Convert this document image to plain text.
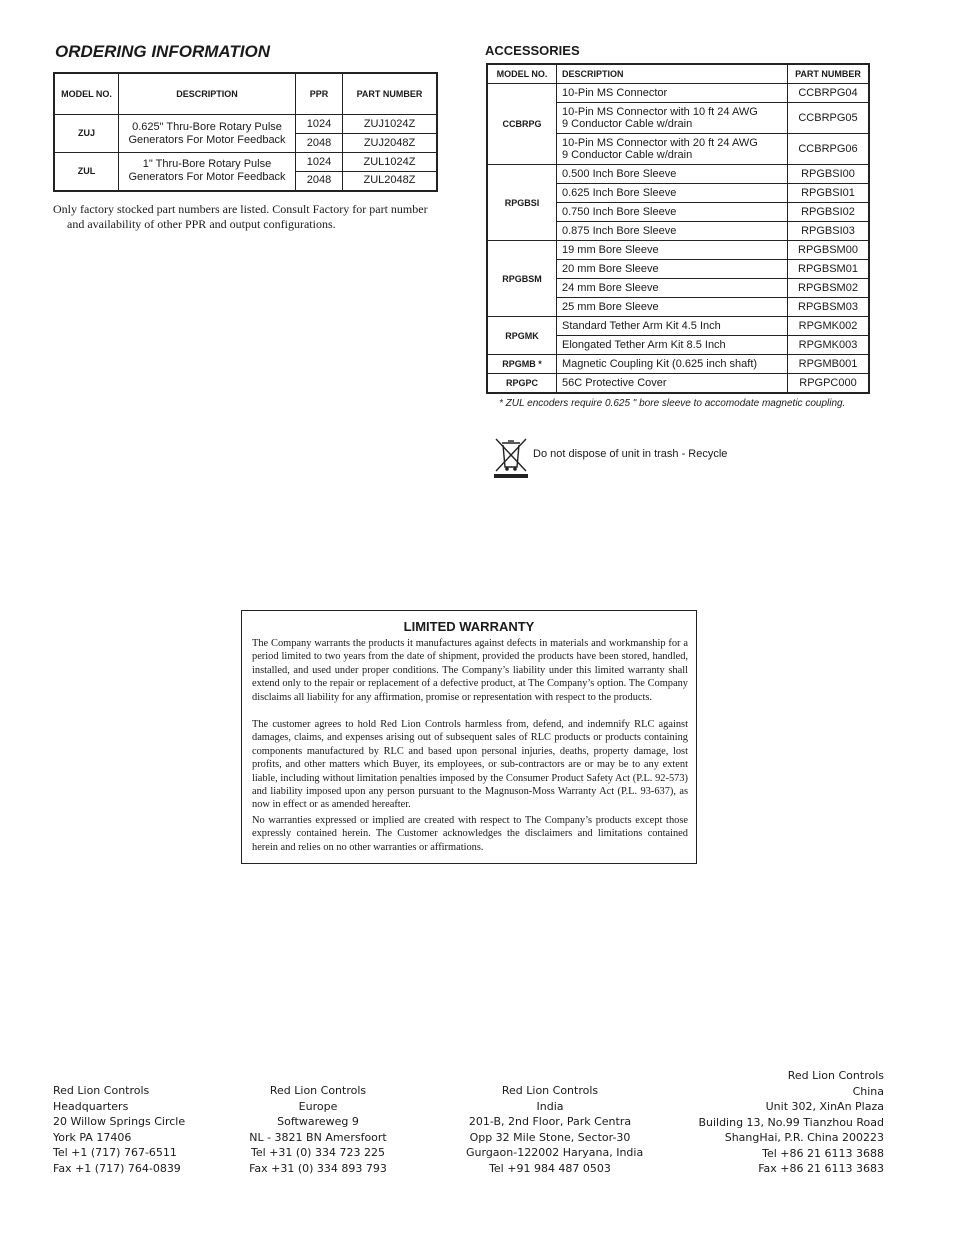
ORDERING INFORMATION
MODEL NO.	DESCRIPTION	PPR	PART NUMBER
ZUJ	0.625" Thru-Bore Rotary Pulse Generators For Motor Feedback	1024	ZUJ1024Z
		2048	ZUJ2048Z
ZUL	1" Thru-Bore Rotary Pulse Generators For Motor Feedback	1024	ZUL1024Z
		2048	ZUL2048Z
Only factory stocked part numbers are listed. Consult Factory for part number
and availability of other PPR and output configurations.
ACCESSORIES
MODEL NO.	DESCRIPTION	PART NUMBER
CCBRPG	10-Pin MS Connector	CCBRPG04
	10-Pin MS Connector with 10 ft 24 AWG
9 Conductor Cable w/drain	CCBRPG05
	10-Pin MS Connector with 20 ft 24 AWG
9 Conductor Cable w/drain	CCBRPG06
RPGBSI	0.500 Inch Bore Sleeve	RPGBSI00
	0.625 Inch Bore Sleeve	RPGBSI01
	0.750 Inch Bore Sleeve	RPGBSI02
	0.875 Inch Bore Sleeve	RPGBSI03
RPGBSM	19 mm Bore Sleeve	RPGBSM00
	20 mm Bore Sleeve	RPGBSM01
	24 mm Bore Sleeve	RPGBSM02
	25 mm Bore Sleeve	RPGBSM03
RPGMK	Standard Tether Arm Kit 4.5 Inch	RPGMK002
	Elongated Tether Arm Kit 8.5 Inch	RPGMK003
RPGMB *	Magnetic Coupling Kit (0.625 inch shaft)	RPGMB001
RPGPC	56C Protective Cover	RPGPC000
* ZUL encoders require 0.625 " bore sleeve to accomodate magnetic coupling.
Do not dispose of unit in trash - Recycle
LIMITED WARRANTY

The Company warrants the products it manufactures against defects in materials and workmanship for a period limited to two years from the date of shipment, provided the products have been stored, handled, installed, and used under proper conditions. The Company’s liability under this limited warranty shall extend only to the repair or replacement of a defective product, at The Company’s option. The Company disclaims all liability for any affirmation, promise or representation with respect to the products.

The customer agrees to hold Red Lion Controls harmless from, defend, and indemnify RLC against damages, claims, and expenses arising out of subsequent sales of RLC products or products containing components manufactured by RLC and based upon personal injuries, deaths, property damage, lost profits, and other matters which Buyer, its employees, or sub-contractors are or may be to any extent liable, including without limitation penalties imposed by the Consumer Product Safety Act (P.L. 92-573) and liability imposed upon any person pursuant to the Magnuson-Moss Warranty Act (P.L. 93-637), as now in effect or as amended hereafter.

No warranties expressed or implied are created with respect to The Company’s products except those expressly contained herein. The Customer acknowledges the disclaimers and limitations contained herein and relies on no other warranties or affirmations.

Red Lion Controls
Headquarters
20 Willow Springs Circle
York PA 17406
Tel +1 (717) 767-6511
Fax +1 (717) 764-0839
Red Lion Controls
Europe
Softwareweg 9
NL - 3821 BN Amersfoort
Tel +31 (0) 334 723 225
Fax +31 (0) 334 893 793
Red Lion Controls
India
201-B, 2nd Floor, Park Centra
Opp 32 Mile Stone, Sector-30
Gurgaon-122002 Haryana, India
Tel +91 984 487 0503
Red Lion Controls
China
Unit 302, XinAn Plaza
Building 13, No.99 Tianzhou Road
ShangHai, P.R. China 200223
Tel +86 21 6113 3688
Fax +86 21 6113 3683
